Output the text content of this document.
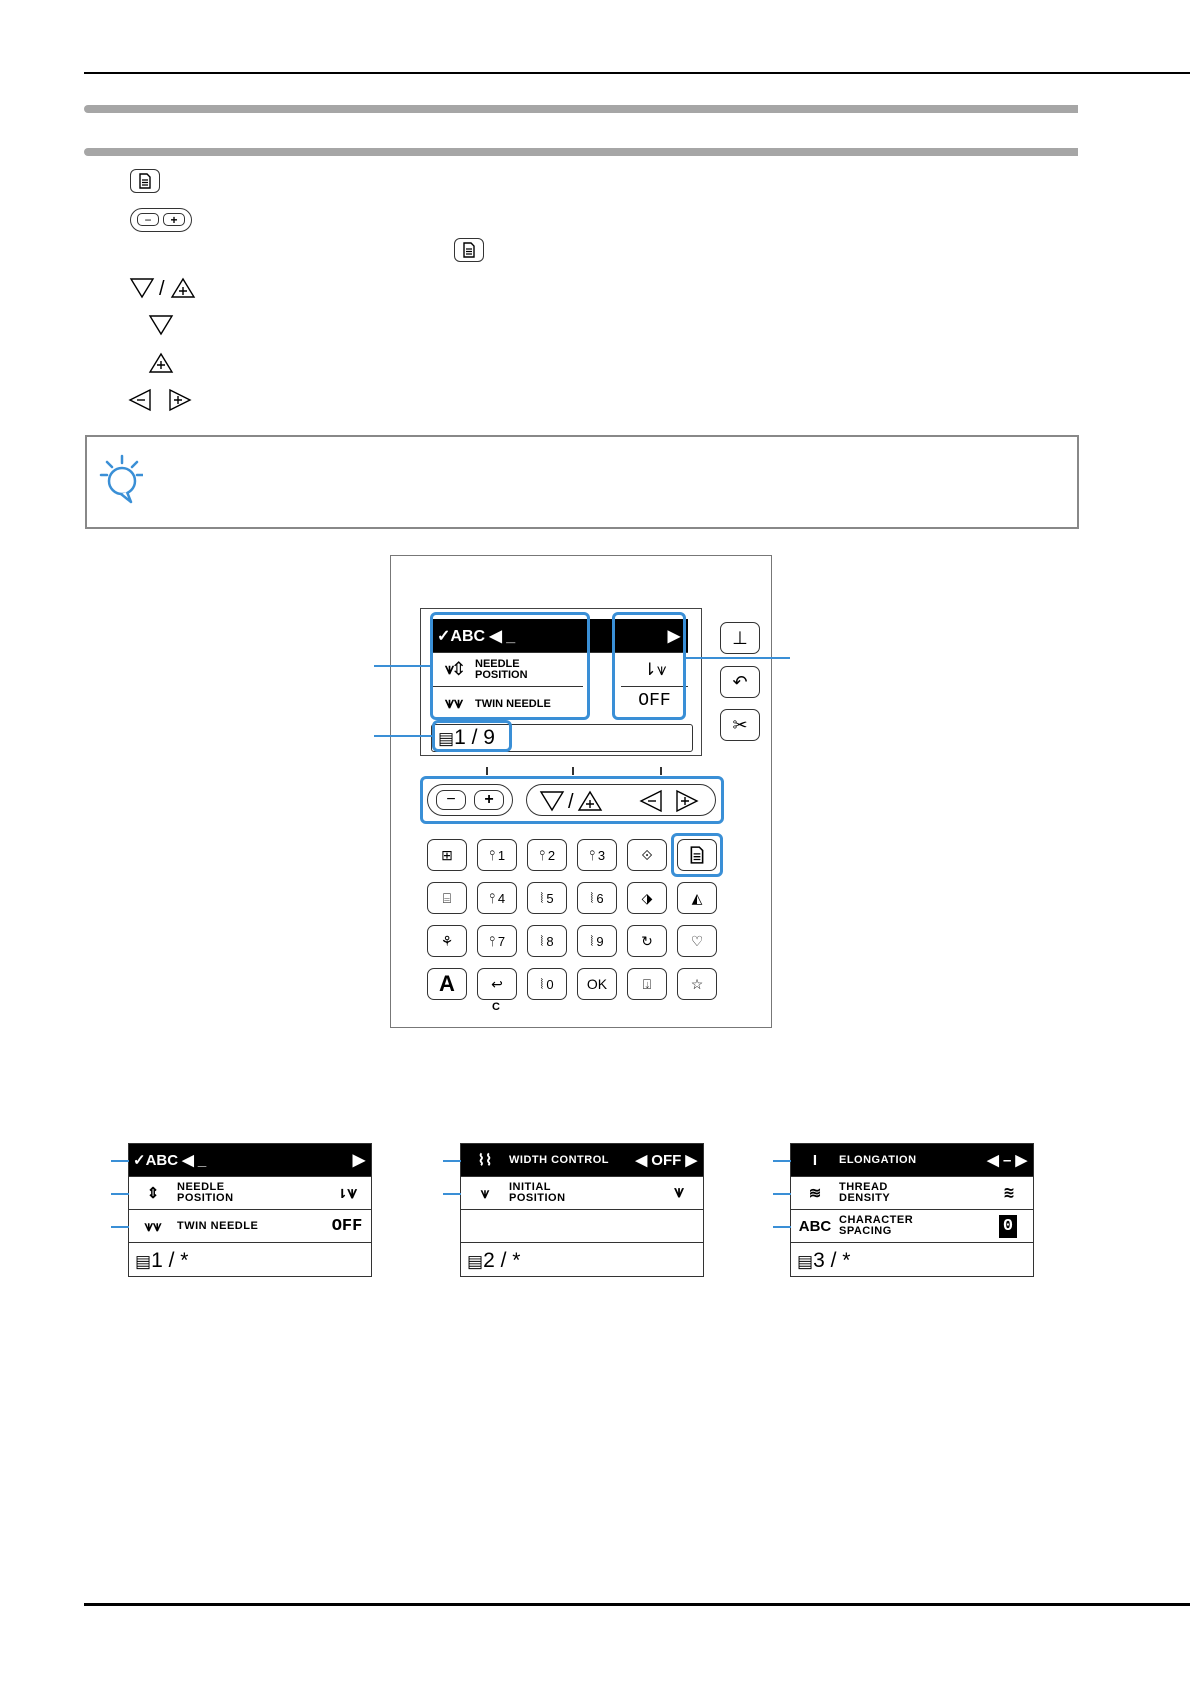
− +
/
✓ABC ◀ _	▶
⩛⇕	NEEDLE
POSITION	⇂⩛
⩛⩛	TWIN NEEDLE	OFF
▤1 / 9
⊥
↶
✂
− +	/
⊞	⫯ 1	⫯ 2	⫯ 3	⟐
⌸	⫯ 4	⦚ 5	⦚ 6	⬗	◭
⚘	⫯ 7	⦚ 8	⦚ 9	↻	♡
A	↩
C
⦚ 0	OK	⍗	☆
✓ABC ◀ _	▶
⇕	NEEDLE
POSITION	⇂⩛
⩛⩛	TWIN NEEDLE	OFF
▤1 / *
⌇⌇	WIDTH CONTROL	◀ OFF ▶
⩛	INITIAL
POSITION	⩛
▤2 / *
I	ELONGATION	◀ – ▶
≋	THREAD
DENSITY	≋
ABC CHARACTER
SPACING	0
▤3 / *
